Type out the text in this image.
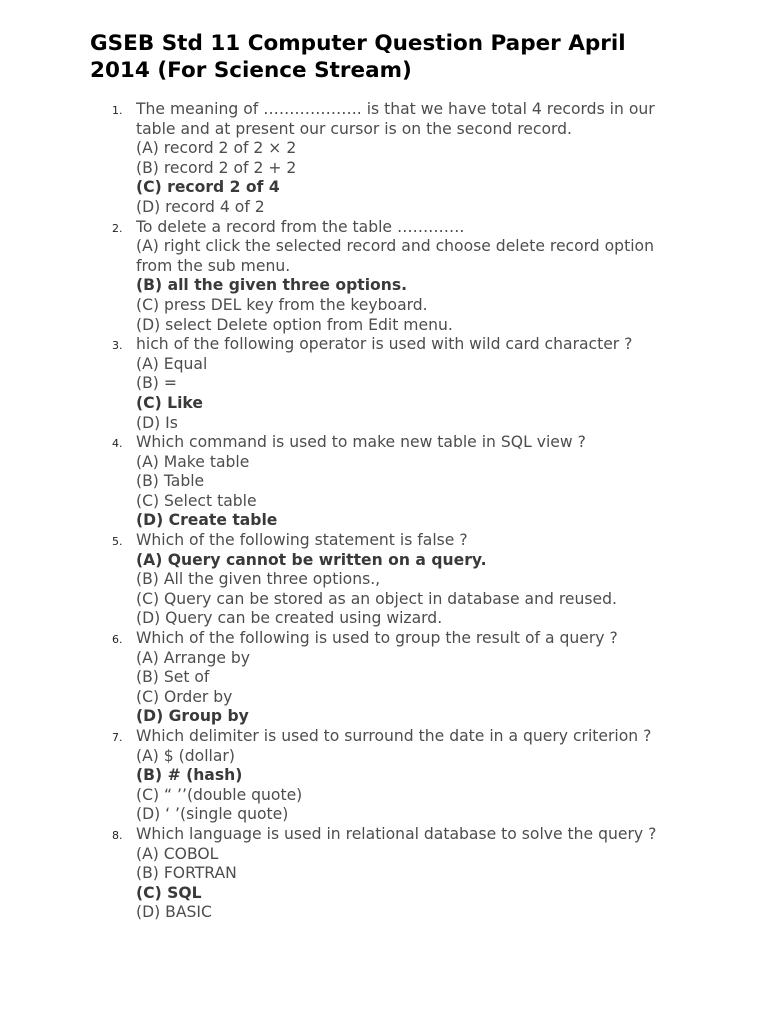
GSEB Std 11 Computer Question Paper April 2014 (For Science Stream)
1. The meaning of ………………. is that we have total 4 records in our table and at present our cursor is on the second record.
(A) record 2 of 2 × 2
(B) record 2 of 2 + 2
(C) record 2 of 4
(D) record 4 of 2
2. To delete a record from the table ………….
(A) right click the selected record and choose delete record option from the sub menu.
(B) all the given three options.
(C) press DEL key from the keyboard.
(D) select Delete option from Edit menu.
3. hich of the following operator is used with wild card character ?
(A) Equal
(B) =
(C) Like
(D) Is
4. Which command is used to make new table in SQL view ?
(A) Make table
(B) Table
(C) Select table
(D) Create table
5. Which of the following statement is false ?
(A) Query cannot be written on a query.
(B) All the given three options.,
(C) Query can be stored as an object in database and reused.
(D) Query can be created using wizard.
6. Which of the following is used to group the result of a query ?
(A) Arrange by
(B) Set of
(C) Order by
(D) Group by
7. Which delimiter is used to surround the date in a query criterion ?
(A) $ (dollar)
(B) # (hash)
(C) “ ’’(double quote)
(D) ‘ ’(single quote)
8. Which language is used in relational database to solve the query ?
(A) COBOL
(B) FORTRAN
(C) SQL
(D) BASIC
